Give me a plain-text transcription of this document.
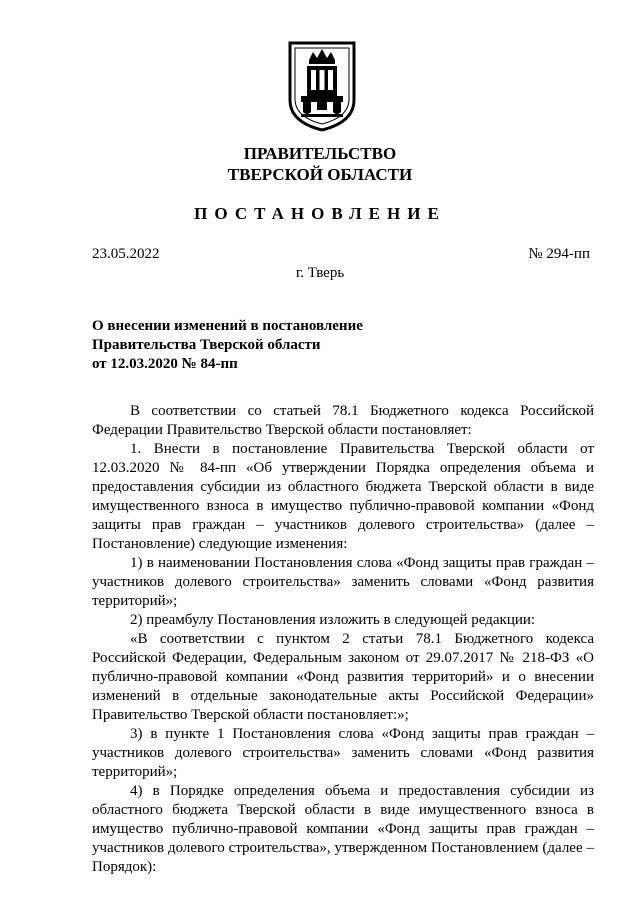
ПРАВИТЕЛЬСТВО
ТВЕРСКОЙ ОБЛАСТИ
ПОСТАНОВЛЕНИЕ
23.05.2022	№ 294-пп
г. Тверь
О внесении изменений в постановление
Правительства Тверской области
от 12.03.2020 № 84-пп

В соответствии со статьей 78.1 Бюджетного кодекса Российской Федерации Правительство Тверской области постановляет:

1. Внести в постановление Правительства Тверской области от 12.03.2020 № 84-пп «Об утверждении Порядка определения объема и предоставления субсидии из областного бюджета Тверской области в виде имущественного взноса в имущество публично-правовой компании «Фонд защиты прав граждан – участников долевого строительства» (далее – Постановление) следующие изменения:

1) в наименовании Постановления слова «Фонд защиты прав граждан – участников долевого строительства» заменить словами «Фонд развития территорий»;

2) преамбулу Постановления изложить в следующей редакции:

«В соответствии с пунктом 2 статьи 78.1 Бюджетного кодекса Российской Федерации, Федеральным законом от 29.07.2017 № 218-ФЗ «О публично-правовой компании «Фонд развития территорий» и о внесении изменений в отдельные законодательные акты Российской Федерации» Правительство Тверской области постановляет:»;

3) в пункте 1 Постановления слова «Фонд защиты прав граждан – участников долевого строительства» заменить словами «Фонд развития территорий»;

4) в Порядке определения объема и предоставления субсидии из областного бюджета Тверской области в виде имущественного взноса в имущество публично-правовой компании «Фонд защиты прав граждан – участников долевого строительства», утвержденном Постановлением (далее – Порядок):
